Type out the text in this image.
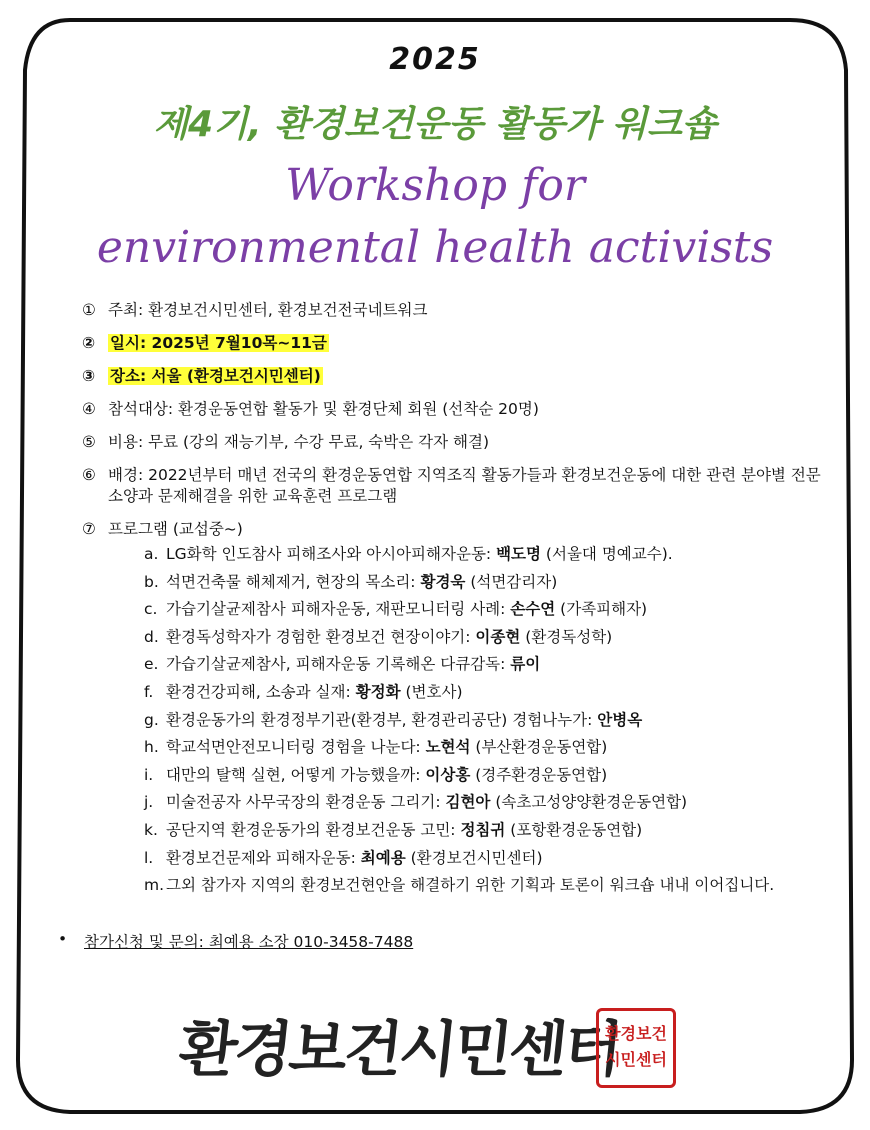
2025
제4기, 환경보건운동 활동가 워크숍
Workshop for
environmental health activists
① 주최: 환경보건시민센터, 환경보건전국네트워크
② 일시: 2025년 7월10목~11금
③ 장소: 서울 (환경보건시민센터)
④ 참석대상: 환경운동연합 활동가 및 환경단체 회원 (선착순 20명)
⑤ 비용: 무료 (강의 재능기부, 수강 무료, 숙박은 각자 해결)
⑥ 배경: 2022년부터 매년 전국의 환경운동연합 지역조직 활동가들과 환경보건운동에 대한 관련 분야별 전문소양과 문제해결을 위한 교육훈련 프로그램
⑦ 프로그램 (교섭중~)
a. LG화학 인도참사 피해조사와 아시아피해자운동: 백도명 (서울대 명예교수).
b. 석면건축물 해체제거, 현장의 목소리: 황경욱 (석면감리자)
c. 가습기살균제참사 피해자운동, 재판모니터링 사례: 손수연 (가족피해자)
d. 환경독성학자가 경험한 환경보건 현장이야기: 이종현 (환경독성학)
e. 가습기살균제참사, 피해자운동 기록해온 다큐감독: 류이
f. 환경건강피해, 소송과 실재: 황정화 (변호사)
g. 환경운동가의 환경정부기관(환경부, 환경관리공단) 경험나누가: 안병옥
h. 학교석면안전모니터링 경험을 나눈다: 노현석 (부산환경운동연합)
i. 대만의 탈핵 실현, 어떻게 가능했을까: 이상홍 (경주환경운동연합)
j. 미술전공자 사무국장의 환경운동 그리기: 김현아 (속초고성양양환경운동연합)
k. 공단지역 환경운동가의 환경보건운동 고민: 정침귀 (포항환경운동연합)
l. 환경보건문제와 피해자운동: 최예용 (환경보건시민센터)
m. 그외 참가자 지역의 환경보건현안을 해결하기 위한 기획과 토론이 워크숍 내내 이어집니다.
•	참가신청 및 문의: 최예용 소장 010-3458-7488
환경보건시민센터
환경보건
시민센터
